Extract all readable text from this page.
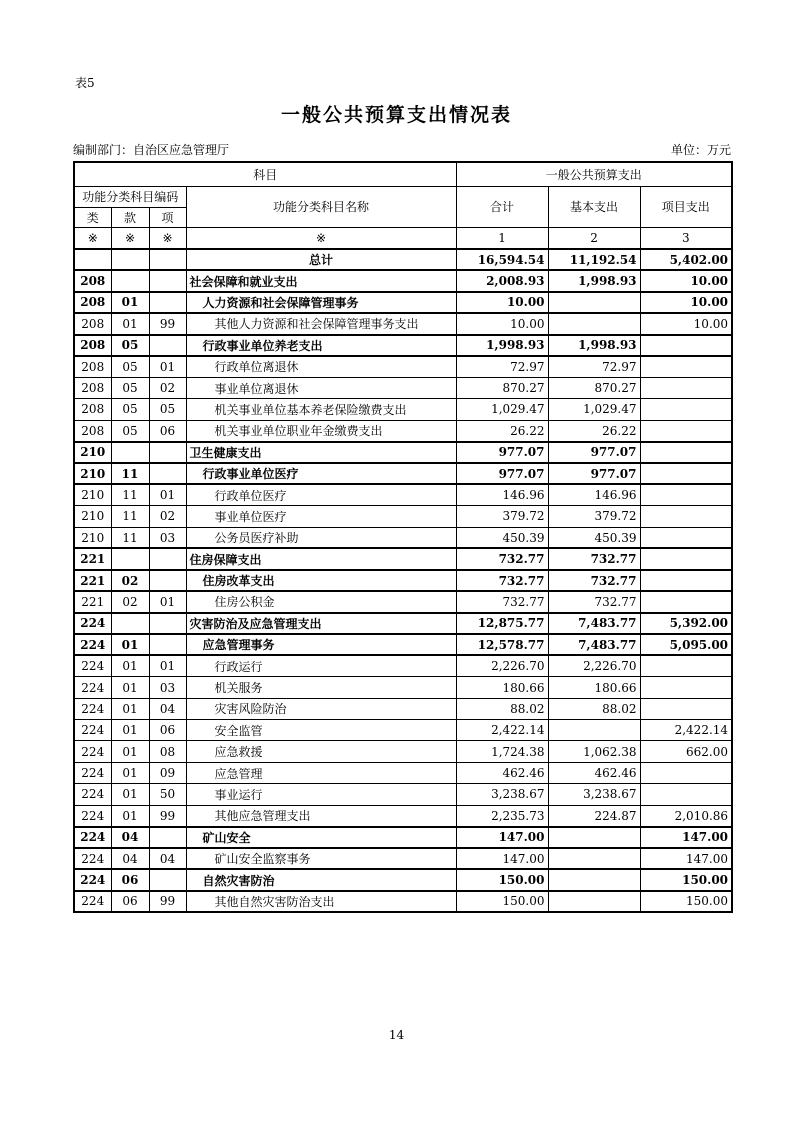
表5
一般公共预算支出情况表
编制部门：自治区应急管理厅	单位：万元
科目				一般公共预算支出		
功能分类科目编码			功能分类科目名称	合计	基本支出	项目支出
类	款	项				
※	※	※	※	1	2	3
			总计	16,594.54	11,192.54	5,402.00
208			社会保障和就业支出	2,008.93	1,998.93	10.00
208	01		人力资源和社会保障管理事务	10.00		10.00
208	01	99	其他人力资源和社会保障管理事务支出	10.00		10.00
208	05		行政事业单位养老支出	1,998.93	1,998.93	
208	05	01	行政单位离退休	72.97	72.97	
208	05	02	事业单位离退休	870.27	870.27	
208	05	05	机关事业单位基本养老保险缴费支出	1,029.47	1,029.47	
208	05	06	机关事业单位职业年金缴费支出	26.22	26.22	
210			卫生健康支出	977.07	977.07	
210	11		行政事业单位医疗	977.07	977.07	
210	11	01	行政单位医疗	146.96	146.96	
210	11	02	事业单位医疗	379.72	379.72	
210	11	03	公务员医疗补助	450.39	450.39	
221			住房保障支出	732.77	732.77	
221	02		住房改革支出	732.77	732.77	
221	02	01	住房公积金	732.77	732.77	
224			灾害防治及应急管理支出	12,875.77	7,483.77	5,392.00
224	01		应急管理事务	12,578.77	7,483.77	5,095.00
224	01	01	行政运行	2,226.70	2,226.70	
224	01	03	机关服务	180.66	180.66	
224	01	04	灾害风险防治	88.02	88.02	
224	01	06	安全监管	2,422.14		2,422.14
224	01	08	应急救援	1,724.38	1,062.38	662.00
224	01	09	应急管理	462.46	462.46	
224	01	50	事业运行	3,238.67	3,238.67	
224	01	99	其他应急管理支出	2,235.73	224.87	2,010.86
224	04		矿山安全	147.00		147.00
224	04	04	矿山安全监察事务	147.00		147.00
224	06		自然灾害防治	150.00		150.00
224	06	99	其他自然灾害防治支出	150.00		150.00
14
